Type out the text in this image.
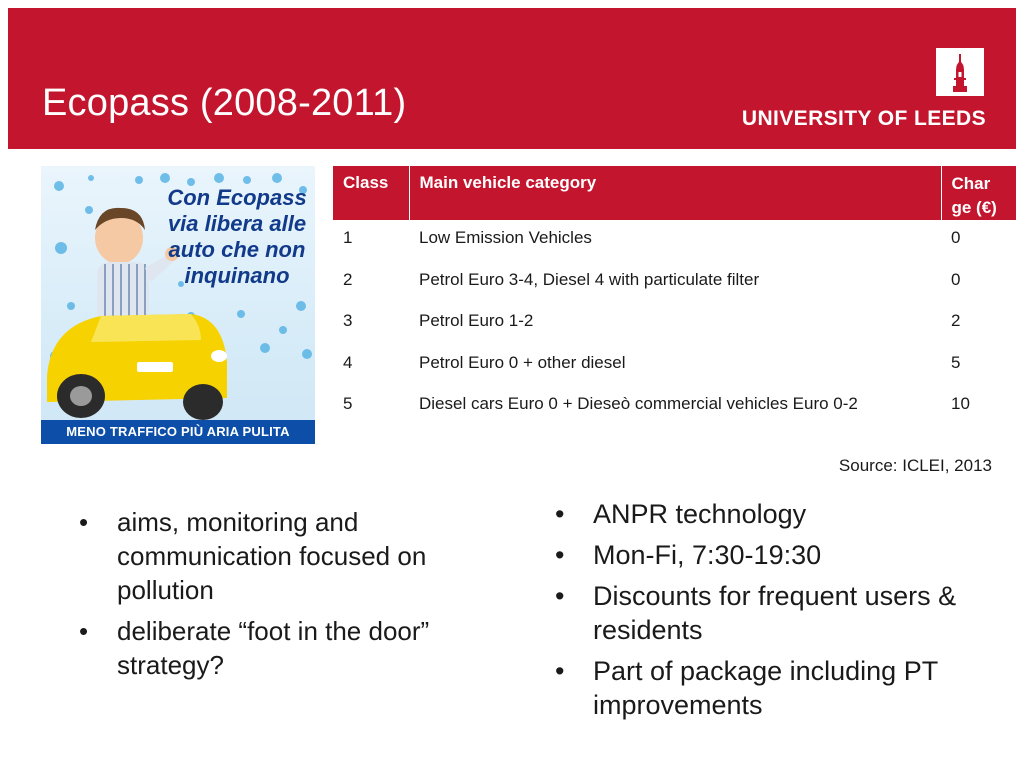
Ecopass (2008-2011)	UNIVERSITY OF LEEDS
Con Ecopass via libera alle auto che non inquinano
MENO TRAFFICO PIÙ ARIA PULITA
Class	Main vehicle category	Char ge (€)
1	Low Emission Vehicles	0
2	Petrol Euro 3-4, Diesel 4 with particulate filter	0
3	Petrol Euro 1-2	2
4	Petrol Euro 0 + other diesel	5
5	Diesel cars Euro 0 + Dieseò commercial vehicles Euro 0-2	10
Source: ICLEI, 2013
• aims, monitoring and communication focused on pollution
• deliberate “foot in the door” strategy?
• ANPR technology
• Mon-Fi, 7:30-19:30
• Discounts for frequent users & residents
• Part of package including PT improvements
